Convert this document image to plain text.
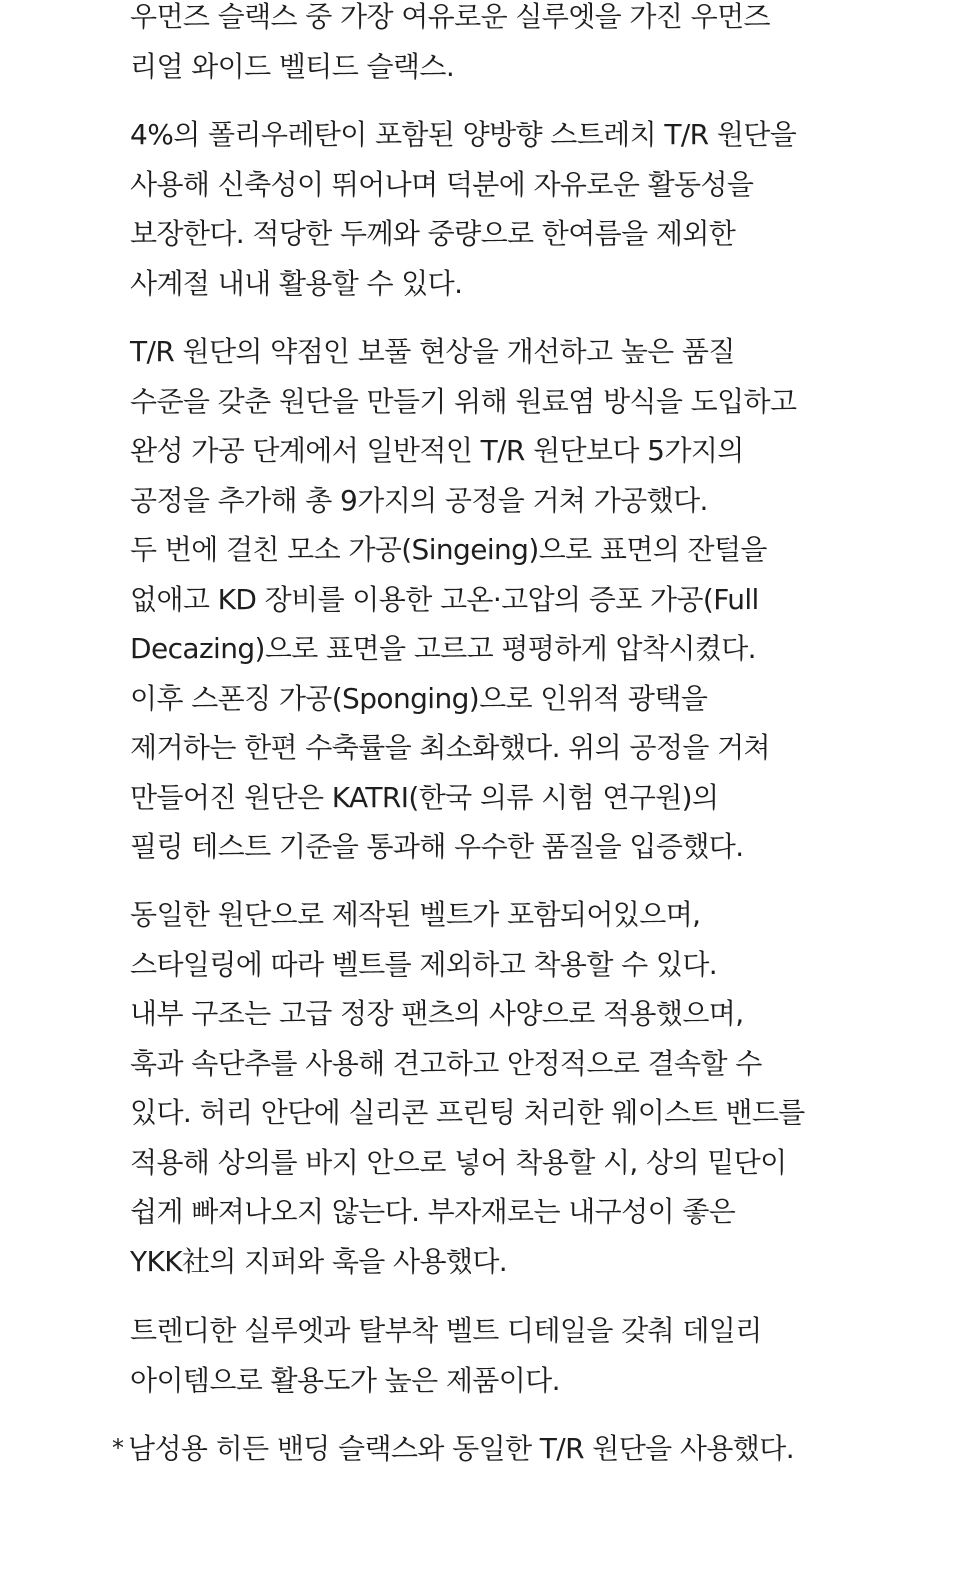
우먼즈 슬랙스 중 가장 여유로운 실루엣을 가진 우먼즈
리얼 와이드 벨티드 슬랙스.

4%의 폴리우레탄이 포함된 양방향 스트레치 T/R 원단을
사용해 신축성이 뛰어나며 덕분에 자유로운 활동성을
보장한다. 적당한 두께와 중량으로 한여름을 제외한
사계절 내내 활용할 수 있다.

T/R 원단의 약점인 보풀 현상을 개선하고 높은 품질
수준을 갖춘 원단을 만들기 위해 원료염 방식을 도입하고
완성 가공 단계에서 일반적인 T/R 원단보다 5가지의
공정을 추가해 총 9가지의 공정을 거쳐 가공했다.
두 번에 걸친 모소 가공(Singeing)으로 표면의 잔털을
없애고 KD 장비를 이용한 고온·고압의 증포 가공(Full
Decazing)으로 표면을 고르고 평평하게 압착시켰다.
이후 스폰징 가공(Sponging)으로 인위적 광택을
제거하는 한편 수축률을 최소화했다. 위의 공정을 거쳐
만들어진 원단은 KATRI(한국 의류 시험 연구원)의
필링 테스트 기준을 통과해 우수한 품질을 입증했다.

동일한 원단으로 제작된 벨트가 포함되어있으며,
스타일링에 따라 벨트를 제외하고 착용할 수 있다.
내부 구조는 고급 정장 팬츠의 사양으로 적용했으며,
훅과 속단추를 사용해 견고하고 안정적으로 결속할 수
있다. 허리 안단에 실리콘 프린팅 처리한 웨이스트 밴드를
적용해 상의를 바지 안으로 넣어 착용할 시, 상의 밑단이
쉽게 빠져나오지 않는다. 부자재로는 내구성이 좋은
YKK社의 지퍼와 훅을 사용했다.

트렌디한 실루엣과 탈부착 벨트 디테일을 갖춰 데일리
아이템으로 활용도가 높은 제품이다.

* 남성용 히든 밴딩 슬랙스와 동일한 T/R 원단을 사용했다.
